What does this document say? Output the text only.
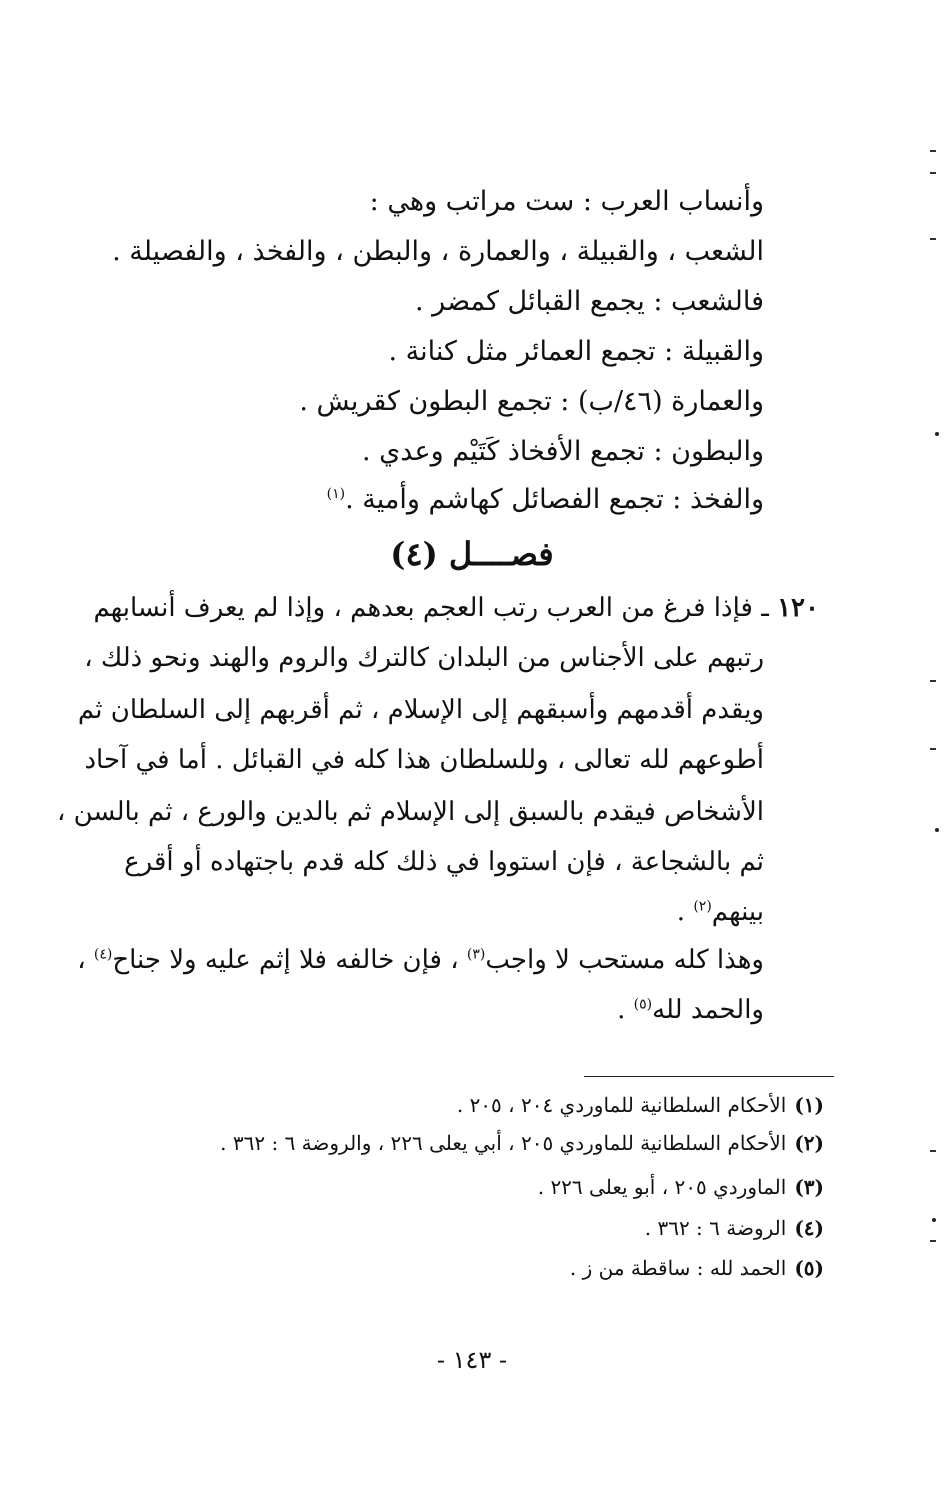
وأنساب العرب : ست مراتب وهي :
الشعب ، والقبيلة ، والعمارة ، والبطن ، والفخذ ، والفصيلة .
فالشعب : يجمع القبائل كمضر .
والقبيلة : تجمع العمائر مثل كنانة .
والعمارة (٤٦/ب) : تجمع البطون كقريش .
والبطون : تجمع الأفخاذ كَتَيْم وعدي .
والفخذ : تجمع الفصائل كهاشم وأمية .$^{(١)}$
فصــــل (٤)
١٢٠ ـ فإذا فرغ من العرب رتب العجم بعدهم ، وإذا لم يعرف أنسابهم
رتبهم على الأجناس من البلدان كالترك والروم والهند ونحو ذلك ،
ويقدم أقدمهم وأسبقهم إلى الإسلام ، ثم أقربهم إلى السلطان ثم
أطوعهم لله تعالى ، وللسلطان هذا كله في القبائل . أما في آحاد
الأشخاص فيقدم بالسبق إلى الإسلام ثم بالدين والورع ، ثم بالسن ،
ثم بالشجاعة ، فإن استووا في ذلك كله قدم باجتهاده أو أقرع
بينهم$^{(٢)}$ .
وهذا كله مستحب لا واجب$^{(٣)}$ ، فإن خالفه فلا إثم عليه ولا جناح$^{(٤)}$ ،
والحمد لله$^{(٥)}$ .
(١)الأحكام السلطانية للماوردي ٢٠٤ ، ٢٠٥ .
(٢)الأحكام السلطانية للماوردي ٢٠٥ ، أبي يعلى ٢٢٦ ، والروضة ٦ : ٣٦٢ .
(٣)الماوردي ٢٠٥ ، أبو يعلى ٢٢٦ .
(٤)الروضة ٦ : ٣٦٢ .
(٥)الحمد لله : ساقطة من ز .
- ١٤٣ -
